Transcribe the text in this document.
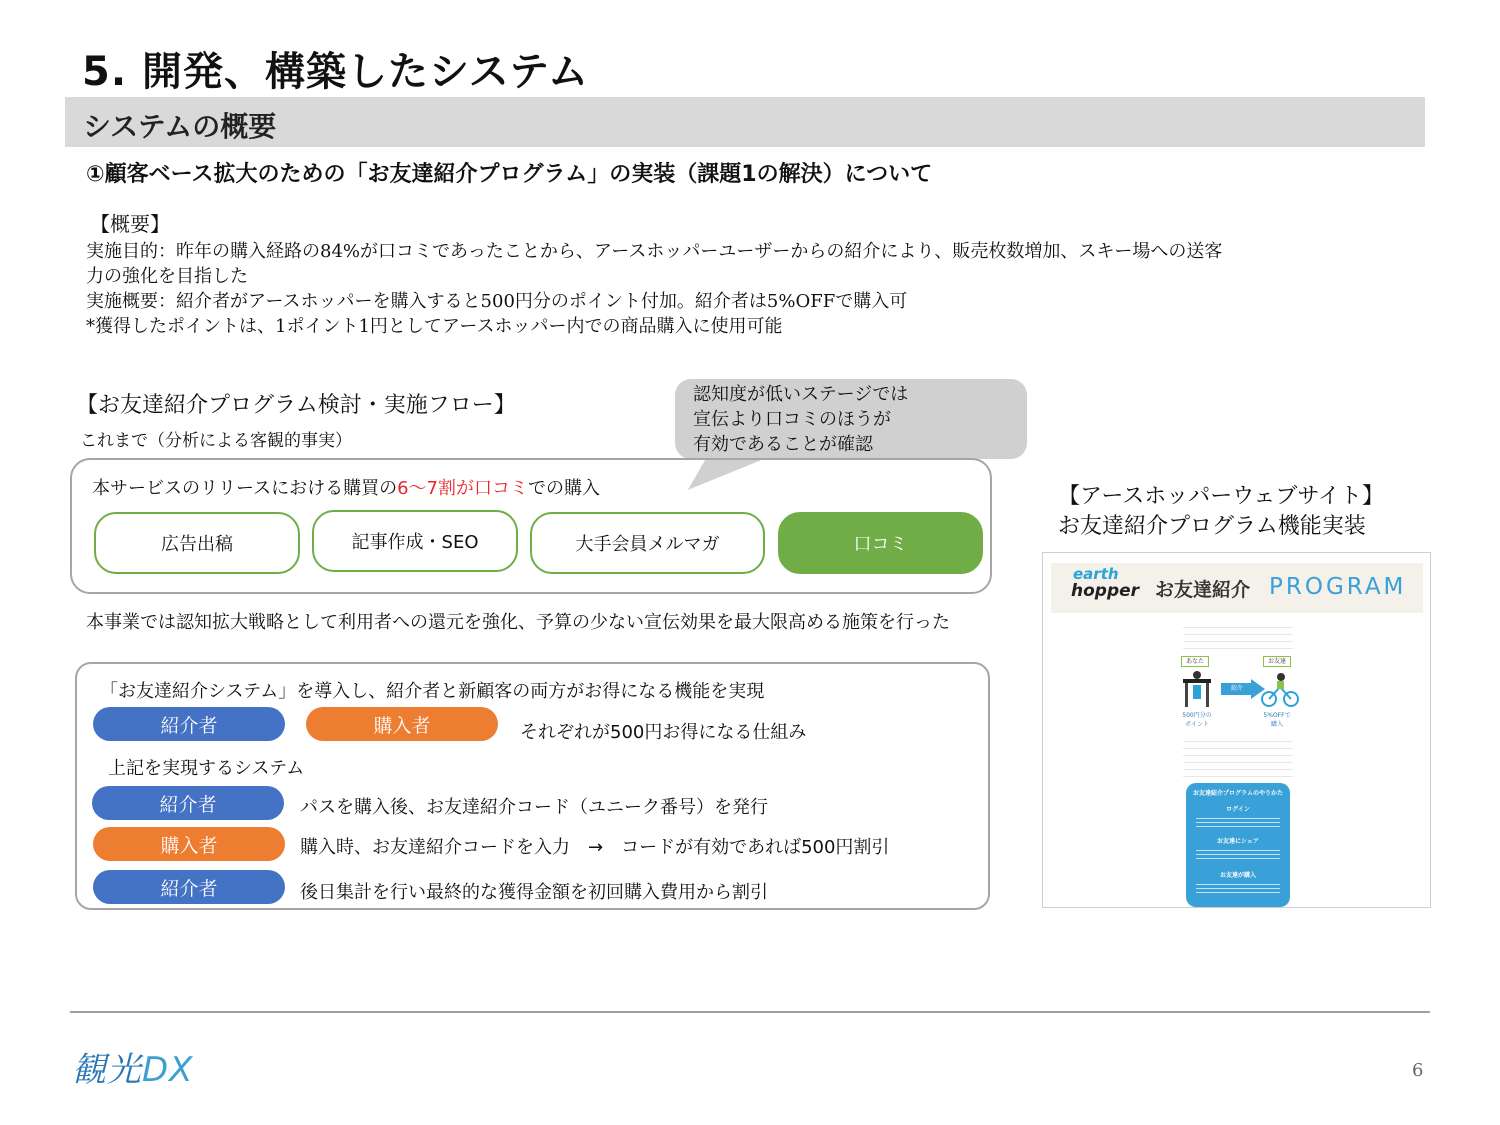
5. 開発、構築したシステム
システムの概要
①顧客ベース拡大のための「お友達紹介プログラム」の実装（課題1の解決）について
【概要】
実施目的：昨年の購入経路の84%が口コミであったことから、アースホッパーユーザーからの紹介により、販売枚数増加、スキー場への送客
力の強化を目指した
実施概要：紹介者がアースホッパーを購入すると500円分のポイント付加。紹介者は5%OFFで購入可
*獲得したポイントは、1ポイント1円としてアースホッパー内での商品購入に使用可能
【お友達紹介プログラム検討・実施フロー】
これまで（分析による客観的事実）
認知度が低いステージでは
宣伝より口コミのほうが
有効であることが確認
本サービスのリリースにおける購買の6〜7割が口コミでの購入
広告出稿	記事作成・SEO	大手会員メルマガ	口コミ
本事業では認知拡大戦略として利用者への還元を強化、予算の少ない宣伝効果を最大限高める施策を行った
「お友達紹介システム」を導入し、紹介者と新顧客の両方がお得になる機能を実現
紹介者	購入者	それぞれが500円お得になる仕組み
上記を実現するシステム
紹介者	パスを購入後、お友達紹介コード（ユニーク番号）を発行
購入者	購入時、お友達紹介コードを入力　→　コードが有効であれば500円割引
紹介者	後日集計を行い最終的な獲得金額を初回購入費用から割引
【アースホッパーウェブサイト】
お友達紹介プログラム機能実装
earth
hopper お友達紹介 PROGRAM
あなた	お友達
紹介
500円分の
ポイント
5%OFFで
購入
お友達紹介プログラムのやりかた
ログイン
お友達にシェア
お友達が購入
観光DX	6
